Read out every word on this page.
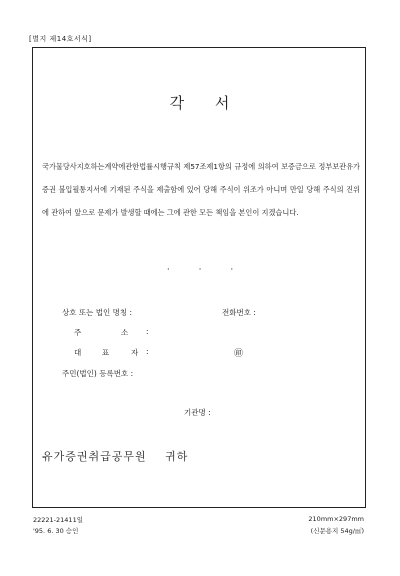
[별지 제14호서식]
각 서
국가물당사지호하는계약에관한법률시행규칙 제57조제1항의 규정에 의하여 보증금으로 정부보관유가증권 불입필통지서에 기재된 주식을 제출함에 있어 당해 주식이 위조가 아니며 만일 당해 주식의 진위에 관하여 앞으로 문제가 발생할 때에는 그에 관한 모든 책임을 본인이 지겠습니다.
·	·	·
상호 또는 법인 명칭 :	전화번호 :
주	소 :
대	표	자 :	㊞
주민(법인) 등록번호 :
기관명 :
유가증권취급공무원 귀하
22221-21411일
'95. 6. 30 승인
210mm×297mm
(신문용지 54g/㎡)
